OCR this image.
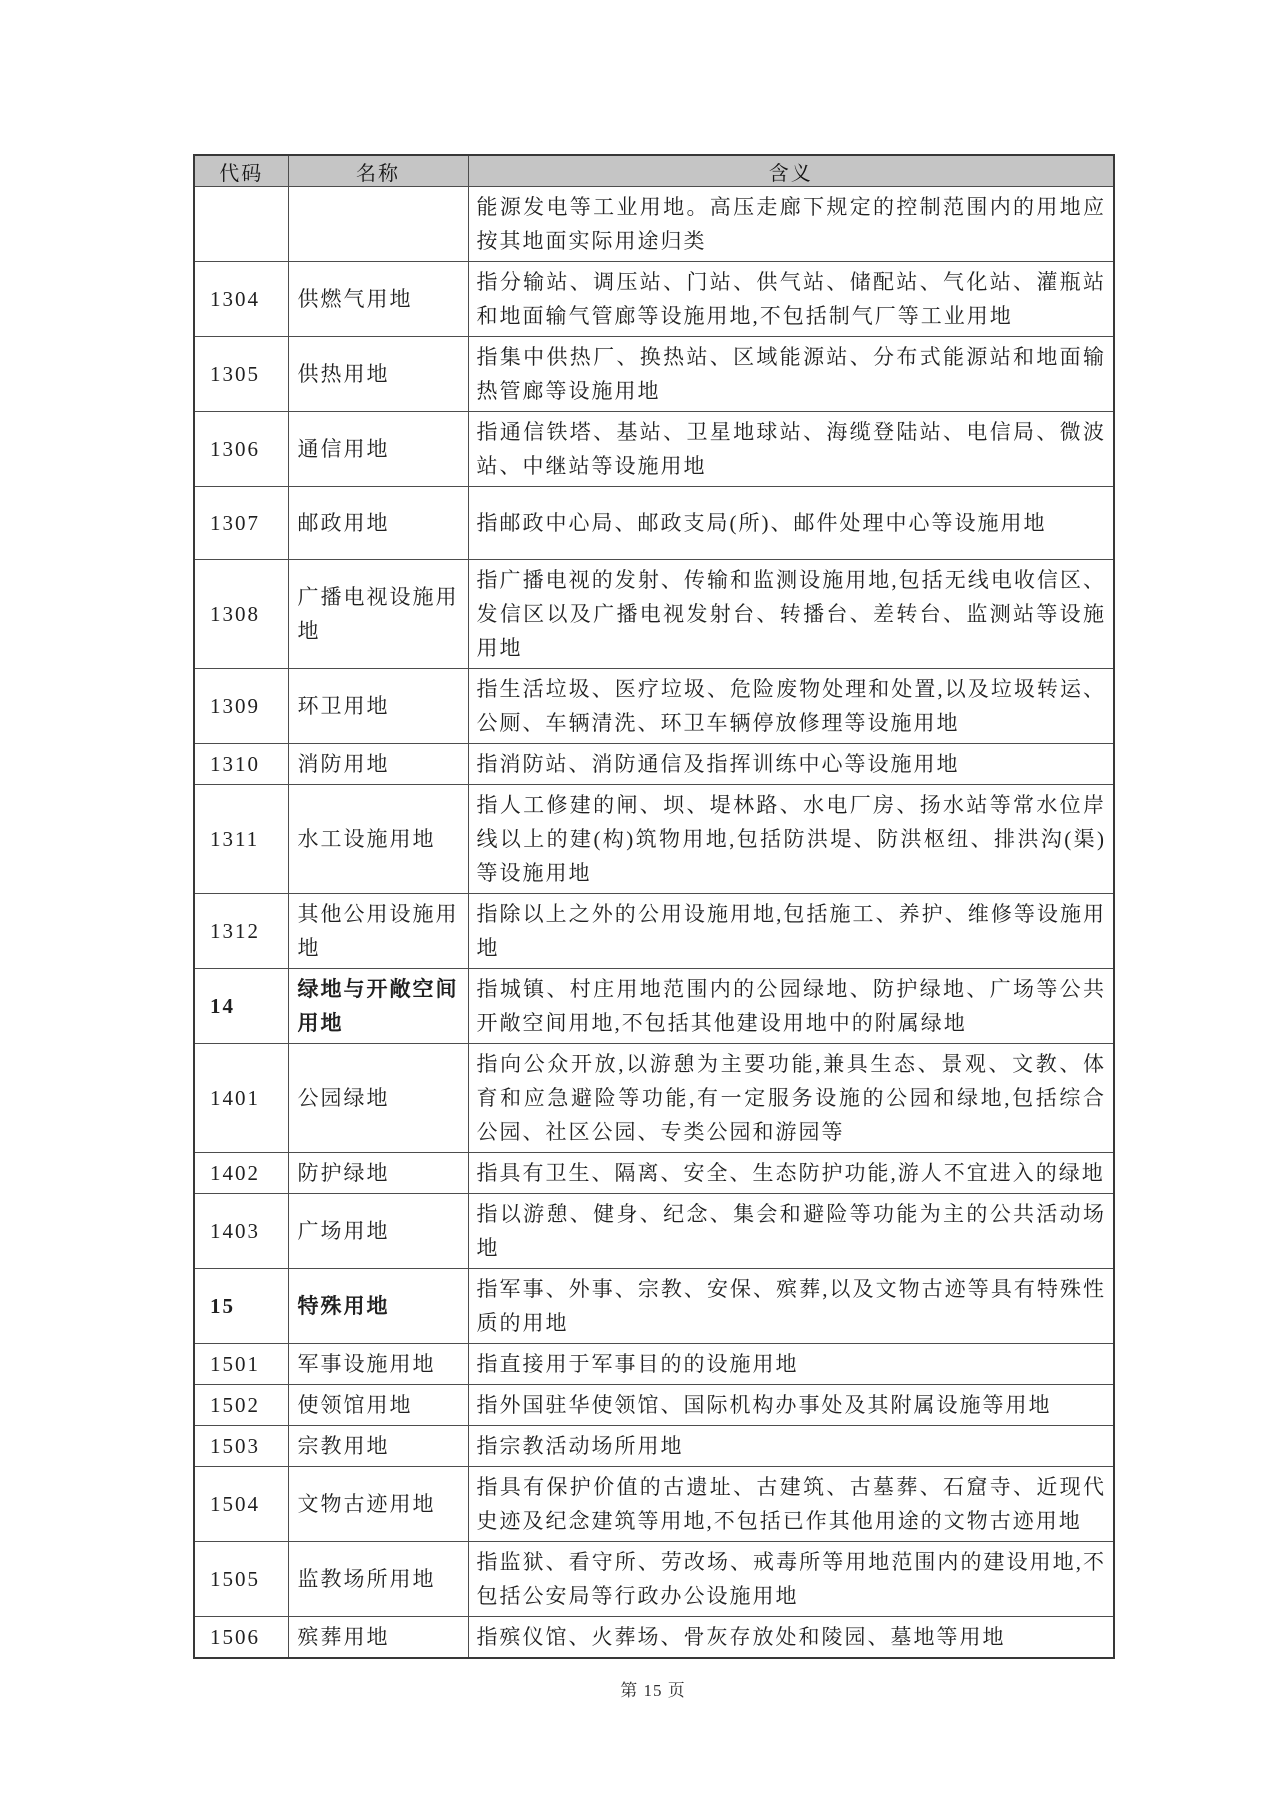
代码	名称	含义
		能源发电等工业用地。高压走廊下规定的控制范围内的用地应按其地面实际用途归类
1304	供燃气用地	指分输站、调压站、门站、供气站、储配站、气化站、灌瓶站和地面输气管廊等设施用地,不包括制气厂等工业用地
1305	供热用地	指集中供热厂、换热站、区域能源站、分布式能源站和地面输热管廊等设施用地
1306	通信用地	指通信铁塔、基站、卫星地球站、海缆登陆站、电信局、微波站、中继站等设施用地
1307	邮政用地	指邮政中心局、邮政支局(所)、邮件处理中心等设施用地
1308	广播电视设施用地	指广播电视的发射、传输和监测设施用地,包括无线电收信区、发信区以及广播电视发射台、转播台、差转台、监测站等设施用地
1309	环卫用地	指生活垃圾、医疗垃圾、危险废物处理和处置,以及垃圾转运、公厕、车辆清洗、环卫车辆停放修理等设施用地
1310	消防用地	指消防站、消防通信及指挥训练中心等设施用地
1311	水工设施用地	指人工修建的闸、坝、堤林路、水电厂房、扬水站等常水位岸线以上的建(构)筑物用地,包括防洪堤、防洪枢纽、排洪沟(渠)等设施用地
1312	其他公用设施用地	指除以上之外的公用设施用地,包括施工、养护、维修等设施用地
14	绿地与开敞空间用地	指城镇、村庄用地范围内的公园绿地、防护绿地、广场等公共开敞空间用地,不包括其他建设用地中的附属绿地
1401	公园绿地	指向公众开放,以游憩为主要功能,兼具生态、景观、文教、体育和应急避险等功能,有一定服务设施的公园和绿地,包括综合公园、社区公园、专类公园和游园等
1402	防护绿地	指具有卫生、隔离、安全、生态防护功能,游人不宜进入的绿地
1403	广场用地	指以游憩、健身、纪念、集会和避险等功能为主的公共活动场地
15	特殊用地	指军事、外事、宗教、安保、殡葬,以及文物古迹等具有特殊性质的用地
1501	军事设施用地	指直接用于军事目的的设施用地
1502	使领馆用地	指外国驻华使领馆、国际机构办事处及其附属设施等用地
1503	宗教用地	指宗教活动场所用地
1504	文物古迹用地	指具有保护价值的古遗址、古建筑、古墓葬、石窟寺、近现代史迹及纪念建筑等用地,不包括已作其他用途的文物古迹用地
1505	监教场所用地	指监狱、看守所、劳改场、戒毒所等用地范围内的建设用地,不包括公安局等行政办公设施用地
1506	殡葬用地	指殡仪馆、火葬场、骨灰存放处和陵园、墓地等用地
第 15 页
